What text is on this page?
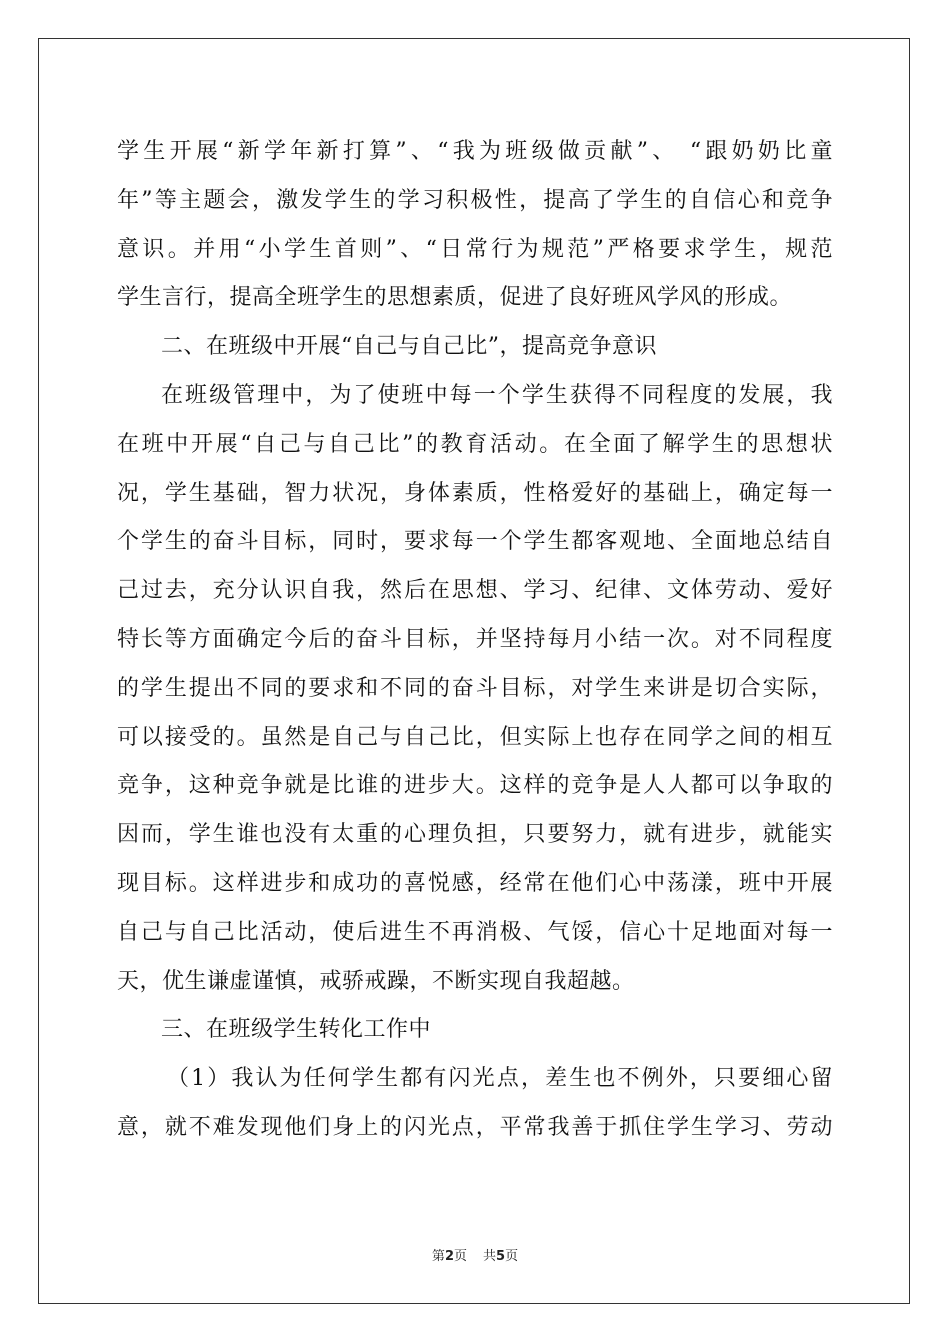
学生开展“新学年新打算”、“我为班级做贡献”、 “跟奶奶比童
年”等主题会，激发学生的学习积极性，提高了学生的自信心和竞争
意识。并用“小学生首则”、“日常行为规范”严格要求学生，规范
学生言行，提高全班学生的思想素质，促进了良好班风学风的形成。
二、在班级中开展“自己与自己比”，提高竞争意识
在班级管理中，为了使班中每一个学生获得不同程度的发展，我
在班中开展“自己与自己比”的教育活动。在全面了解学生的思想状
况，学生基础，智力状况，身体素质，性格爱好的基础上，确定每一
个学生的奋斗目标，同时，要求每一个学生都客观地、全面地总结自
己过去，充分认识自我，然后在思想、学习、纪律、文体劳动、爱好
特长等方面确定今后的奋斗目标，并坚持每月小结一次。对不同程度
的学生提出不同的要求和不同的奋斗目标，对学生来讲是切合实际，
可以接受的。虽然是自己与自己比，但实际上也存在同学之间的相互
竞争，这种竞争就是比谁的进步大。这样的竞争是人人都可以争取的
因而，学生谁也没有太重的心理负担，只要努力，就有进步，就能实
现目标。这样进步和成功的喜悦感，经常在他们心中荡漾，班中开展
自己与自己比活动，使后进生不再消极、气馁，信心十足地面对每一
天，优生谦虚谨慎，戒骄戒躁，不断实现自我超越。
三、在班级学生转化工作中
（1）我认为任何学生都有闪光点，差生也不例外，只要细心留
意，就不难发现他们身上的闪光点，平常我善于抓住学生学习、劳动
第2页 共5页
